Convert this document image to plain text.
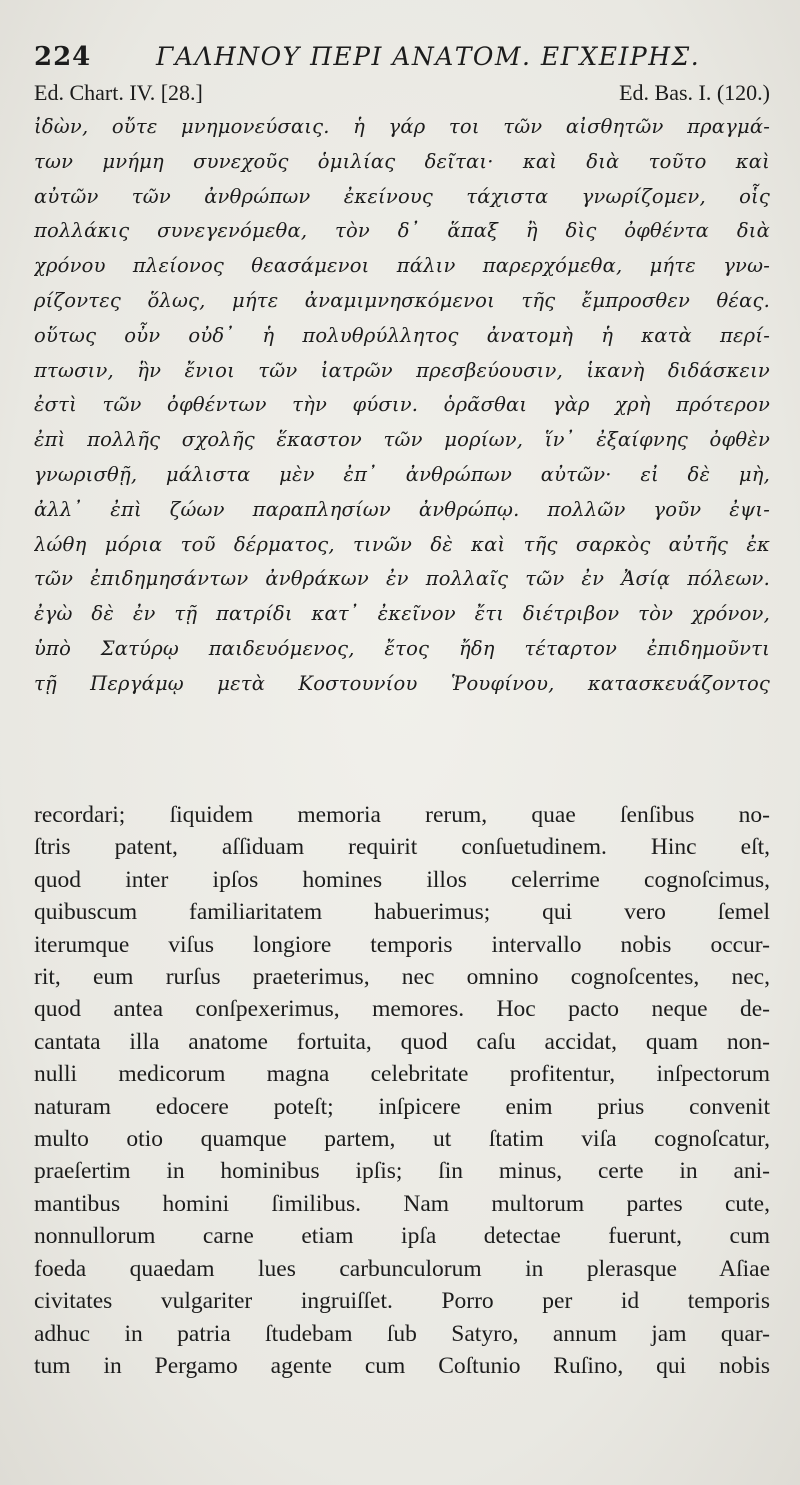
224	ΓΑΛΗΝΟΥ ΠΕΡΙ ΑΝΑΤΟΜ. ΕΓΧΕΙΡΗΣ.
Ed. Chart. IV. [28.]	Ed. Bas. I. (120.)
ἰδὼν, οὔτε μνημονεύσαις. ἡ γάρ τοι τῶν αἰσθητῶν πραγμά-
των μνήμη συνεχοῦς ὁμιλίας δεῖται· καὶ διὰ τοῦτο καὶ
αὐτῶν τῶν ἀνθρώπων ἐκείνους τάχιστα γνωρίζομεν, οἷς
πολλάκις συνεγενόμεθα, τὸν δ᾽ ἅπαξ ἢ δὶς ὀφθέντα διὰ
χρόνου πλείονος θεασάμενοι πάλιν παρερχόμεθα, μήτε γνω-
ρίζοντες ὅλως, μήτε ἀναμιμνησκόμενοι τῆς ἔμπροσθεν θέας.
οὕτως οὖν οὐδ᾽ ἡ πολυθρύλλητος ἀνατομὴ ἡ κατὰ περί-
πτωσιν, ἣν ἔνιοι τῶν ἰατρῶν πρεσβεύουσιν, ἱκανὴ διδάσκειν
ἐστὶ τῶν ὀφθέντων τὴν φύσιν. ὁρᾶσθαι γὰρ χρὴ πρότερον
ἐπὶ πολλῆς σχολῆς ἕκαστον τῶν μορίων, ἵν᾽ ἐξαίφνης ὀφθὲν
γνωρισθῇ, μάλιστα μὲν ἐπ᾽ ἀνθρώπων αὐτῶν· εἰ δὲ μὴ,
ἀλλ᾽ ἐπὶ ζώων παραπλησίων ἀνθρώπῳ. πολλῶν γοῦν ἐψι-
λώθη μόρια τοῦ δέρματος, τινῶν δὲ καὶ τῆς σαρκὸς αὐτῆς ἐκ
τῶν ἐπιδημησάντων ἀνθράκων ἐν πολλαῖς τῶν ἐν Ἀσίᾳ πόλεων.
ἐγὼ δὲ ἐν τῇ πατρίδι κατ᾽ ἐκεῖνον ἔτι διέτριβον τὸν χρόνον,
ὑπὸ Σατύρῳ παιδευόμενος, ἔτος ἤδη τέταρτον ἐπιδημοῦντι
τῇ Περγάμῳ μετὰ Κοστουνίου Ῥουφίνου, κατασκευάζοντος
recordari; ſiquidem memoria rerum, quae ſenſibus no-
ſtris patent, aſſiduam requirit conſuetudinem. Hinc eſt,
quod inter ipſos homines illos celerrime cognoſcimus,
quibuscum familiaritatem habuerimus; qui vero ſemel
iterumque viſus longiore temporis intervallo nobis occur-
rit, eum rurſus praeterimus, nec omnino cognoſcentes, nec,
quod antea conſpexerimus, memores. Hoc pacto neque de-
cantata illa anatome fortuita, quod caſu accidat, quam non-
nulli medicorum magna celebritate profitentur, inſpectorum
naturam edocere poteſt; inſpicere enim prius convenit
multo otio quamque partem, ut ſtatim viſa cognoſcatur,
praeſertim in hominibus ipſis; ſin minus, certe in ani-
mantibus homini ſimilibus. Nam multorum partes cute,
nonnullorum carne etiam ipſa detectae fuerunt, cum
foeda quaedam lues carbunculorum in plerasque Aſiae
civitates vulgariter ingruiſſet. Porro per id temporis
adhuc in patria ſtudebam ſub Satyro, annum jam quar-
tum in Pergamo agente cum Coſtunio Ruſino, qui nobis
